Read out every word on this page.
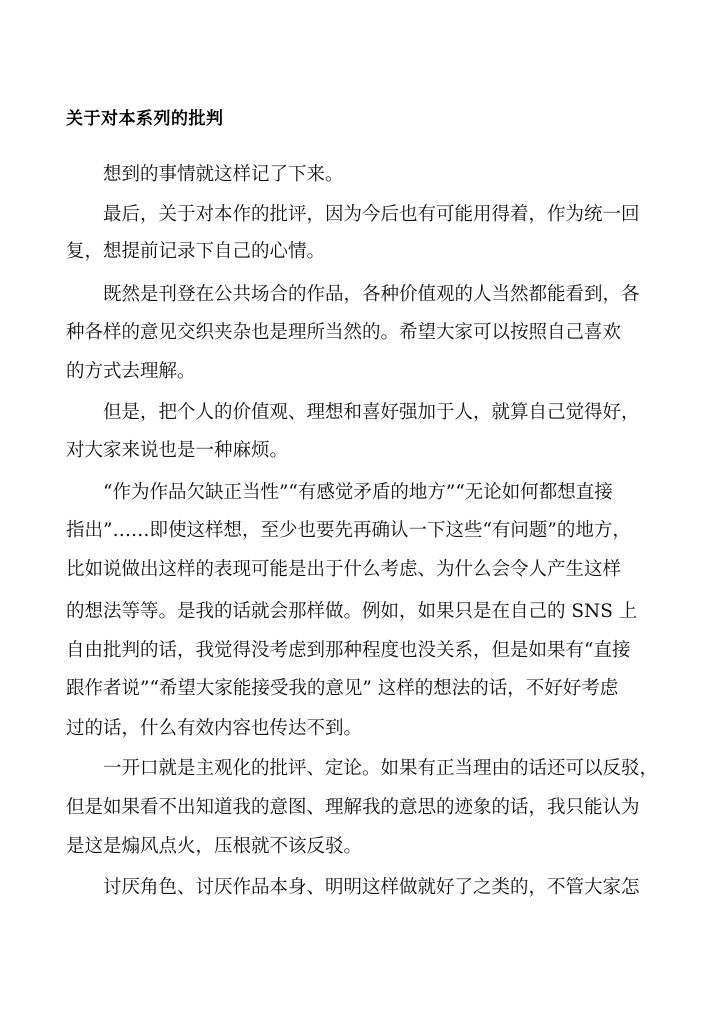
关于对本系列的批判
　　想到的事情就这样记了下来。
　　最后，关于对本作的批评，因为今后也有可能用得着，作为统一回
复，想提前记录下自己的心情。
　　既然是刊登在公共场合的作品，各种价值观的人当然都能看到，各
种各样的意见交织夹杂也是理所当然的。希望大家可以按照自己喜欢
的方式去理解。
　　但是，把个人的价值观、理想和喜好强加于人，就算自己觉得好，
对大家来说也是一种麻烦。
　　“作为作品欠缺正当性”“有感觉矛盾的地方”“无论如何都想直接
指出”……即使这样想，至少也要先再确认一下这些“有问题”的地方，
比如说做出这样的表现可能是出于什么考虑、为什么会令人产生这样
的想法等等。是我的话就会那样做。例如，如果只是在自己的 SNS 上
自由批判的话，我觉得没考虑到那种程度也没关系，但是如果有“直接
跟作者说”“希望大家能接受我的意见” 这样的想法的话，不好好考虑
过的话，什么有效内容也传达不到。
　　一开口就是主观化的批评、定论。如果有正当理由的话还可以反驳，
但是如果看不出知道我的意图、理解我的意思的迹象的话，我只能认为
是这是煽风点火，压根就不该反驳。
　　讨厌角色、讨厌作品本身、明明这样做就好了之类的，不管大家怎
